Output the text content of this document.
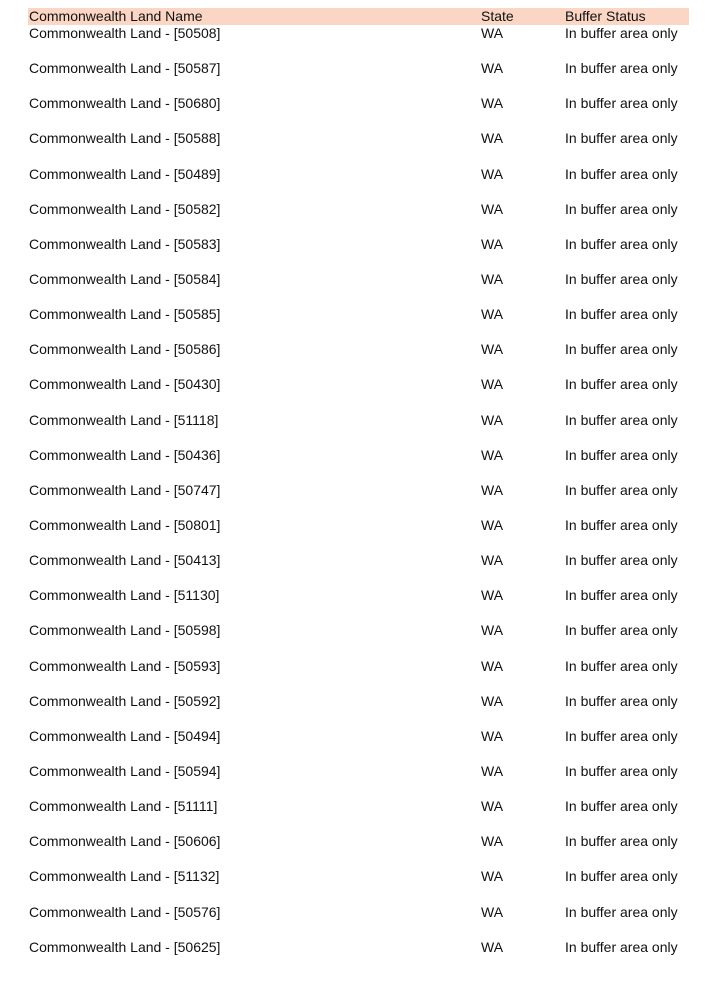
Commonwealth Land Name	State	Buffer Status
Commonwealth Land - [50508]	WA	In buffer area only
Commonwealth Land - [50587]	WA	In buffer area only
Commonwealth Land - [50680]	WA	In buffer area only
Commonwealth Land - [50588]	WA	In buffer area only
Commonwealth Land - [50489]	WA	In buffer area only
Commonwealth Land - [50582]	WA	In buffer area only
Commonwealth Land - [50583]	WA	In buffer area only
Commonwealth Land - [50584]	WA	In buffer area only
Commonwealth Land - [50585]	WA	In buffer area only
Commonwealth Land - [50586]	WA	In buffer area only
Commonwealth Land - [50430]	WA	In buffer area only
Commonwealth Land - [51118]	WA	In buffer area only
Commonwealth Land - [50436]	WA	In buffer area only
Commonwealth Land - [50747]	WA	In buffer area only
Commonwealth Land - [50801]	WA	In buffer area only
Commonwealth Land - [50413]	WA	In buffer area only
Commonwealth Land - [51130]	WA	In buffer area only
Commonwealth Land - [50598]	WA	In buffer area only
Commonwealth Land - [50593]	WA	In buffer area only
Commonwealth Land - [50592]	WA	In buffer area only
Commonwealth Land - [50494]	WA	In buffer area only
Commonwealth Land - [50594]	WA	In buffer area only
Commonwealth Land - [51111]	WA	In buffer area only
Commonwealth Land - [50606]	WA	In buffer area only
Commonwealth Land - [51132]	WA	In buffer area only
Commonwealth Land - [50576]	WA	In buffer area only
Commonwealth Land - [50625]	WA	In buffer area only
